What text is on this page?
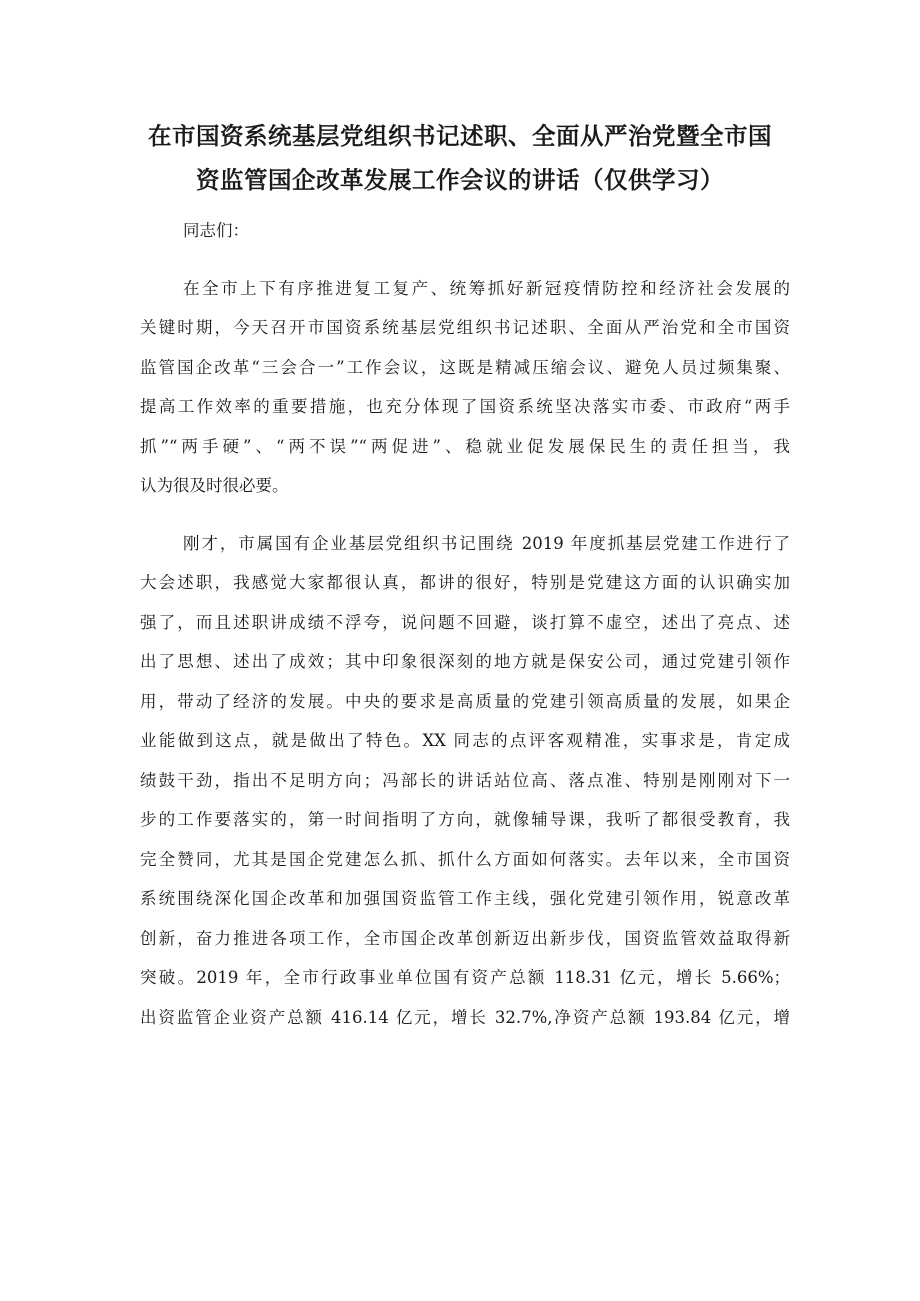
在市国资系统基层党组织书记述职、全面从严治党暨全市国
资监管国企改革发展工作会议的讲话（仅供学习）
同志们：
在全市上下有序推进复工复产、统筹抓好新冠疫情防控和经济社会发展的
关键时期，今天召开市国资系统基层党组织书记述职、全面从严治党和全市国资
监管国企改革“三会合一”工作会议，这既是精减压缩会议、避免人员过频集聚、
提高工作效率的重要措施，也充分体现了国资系统坚决落实市委、市政府“两手
抓”“两手硬”、“两不误”“两促进”、稳就业促发展保民生的责任担当，我
认为很及时很必要。
刚才，市属国有企业基层党组织书记围绕 2019 年度抓基层党建工作进行了
大会述职，我感觉大家都很认真，都讲的很好，特别是党建这方面的认识确实加
强了，而且述职讲成绩不浮夸，说问题不回避，谈打算不虚空，述出了亮点、述
出了思想、述出了成效；其中印象很深刻的地方就是保安公司，通过党建引领作
用，带动了经济的发展。中央的要求是高质量的党建引领高质量的发展，如果企
业能做到这点，就是做出了特色。XX 同志的点评客观精准，实事求是，肯定成
绩鼓干劲，指出不足明方向；冯部长的讲话站位高、落点准、特别是刚刚对下一
步的工作要落实的，第一时间指明了方向，就像辅导课，我听了都很受教育，我
完全赞同，尤其是国企党建怎么抓、抓什么方面如何落实。去年以来，全市国资
系统围绕深化国企改革和加强国资监管工作主线，强化党建引领作用，锐意改革
创新，奋力推进各项工作，全市国企改革创新迈出新步伐，国资监管效益取得新
突破。2019 年，全市行政事业单位国有资产总额 118.31 亿元，增长 5.66%；
出资监管企业资产总额 416.14 亿元，增长 32.7%,净资产总额 193.84 亿元，增
